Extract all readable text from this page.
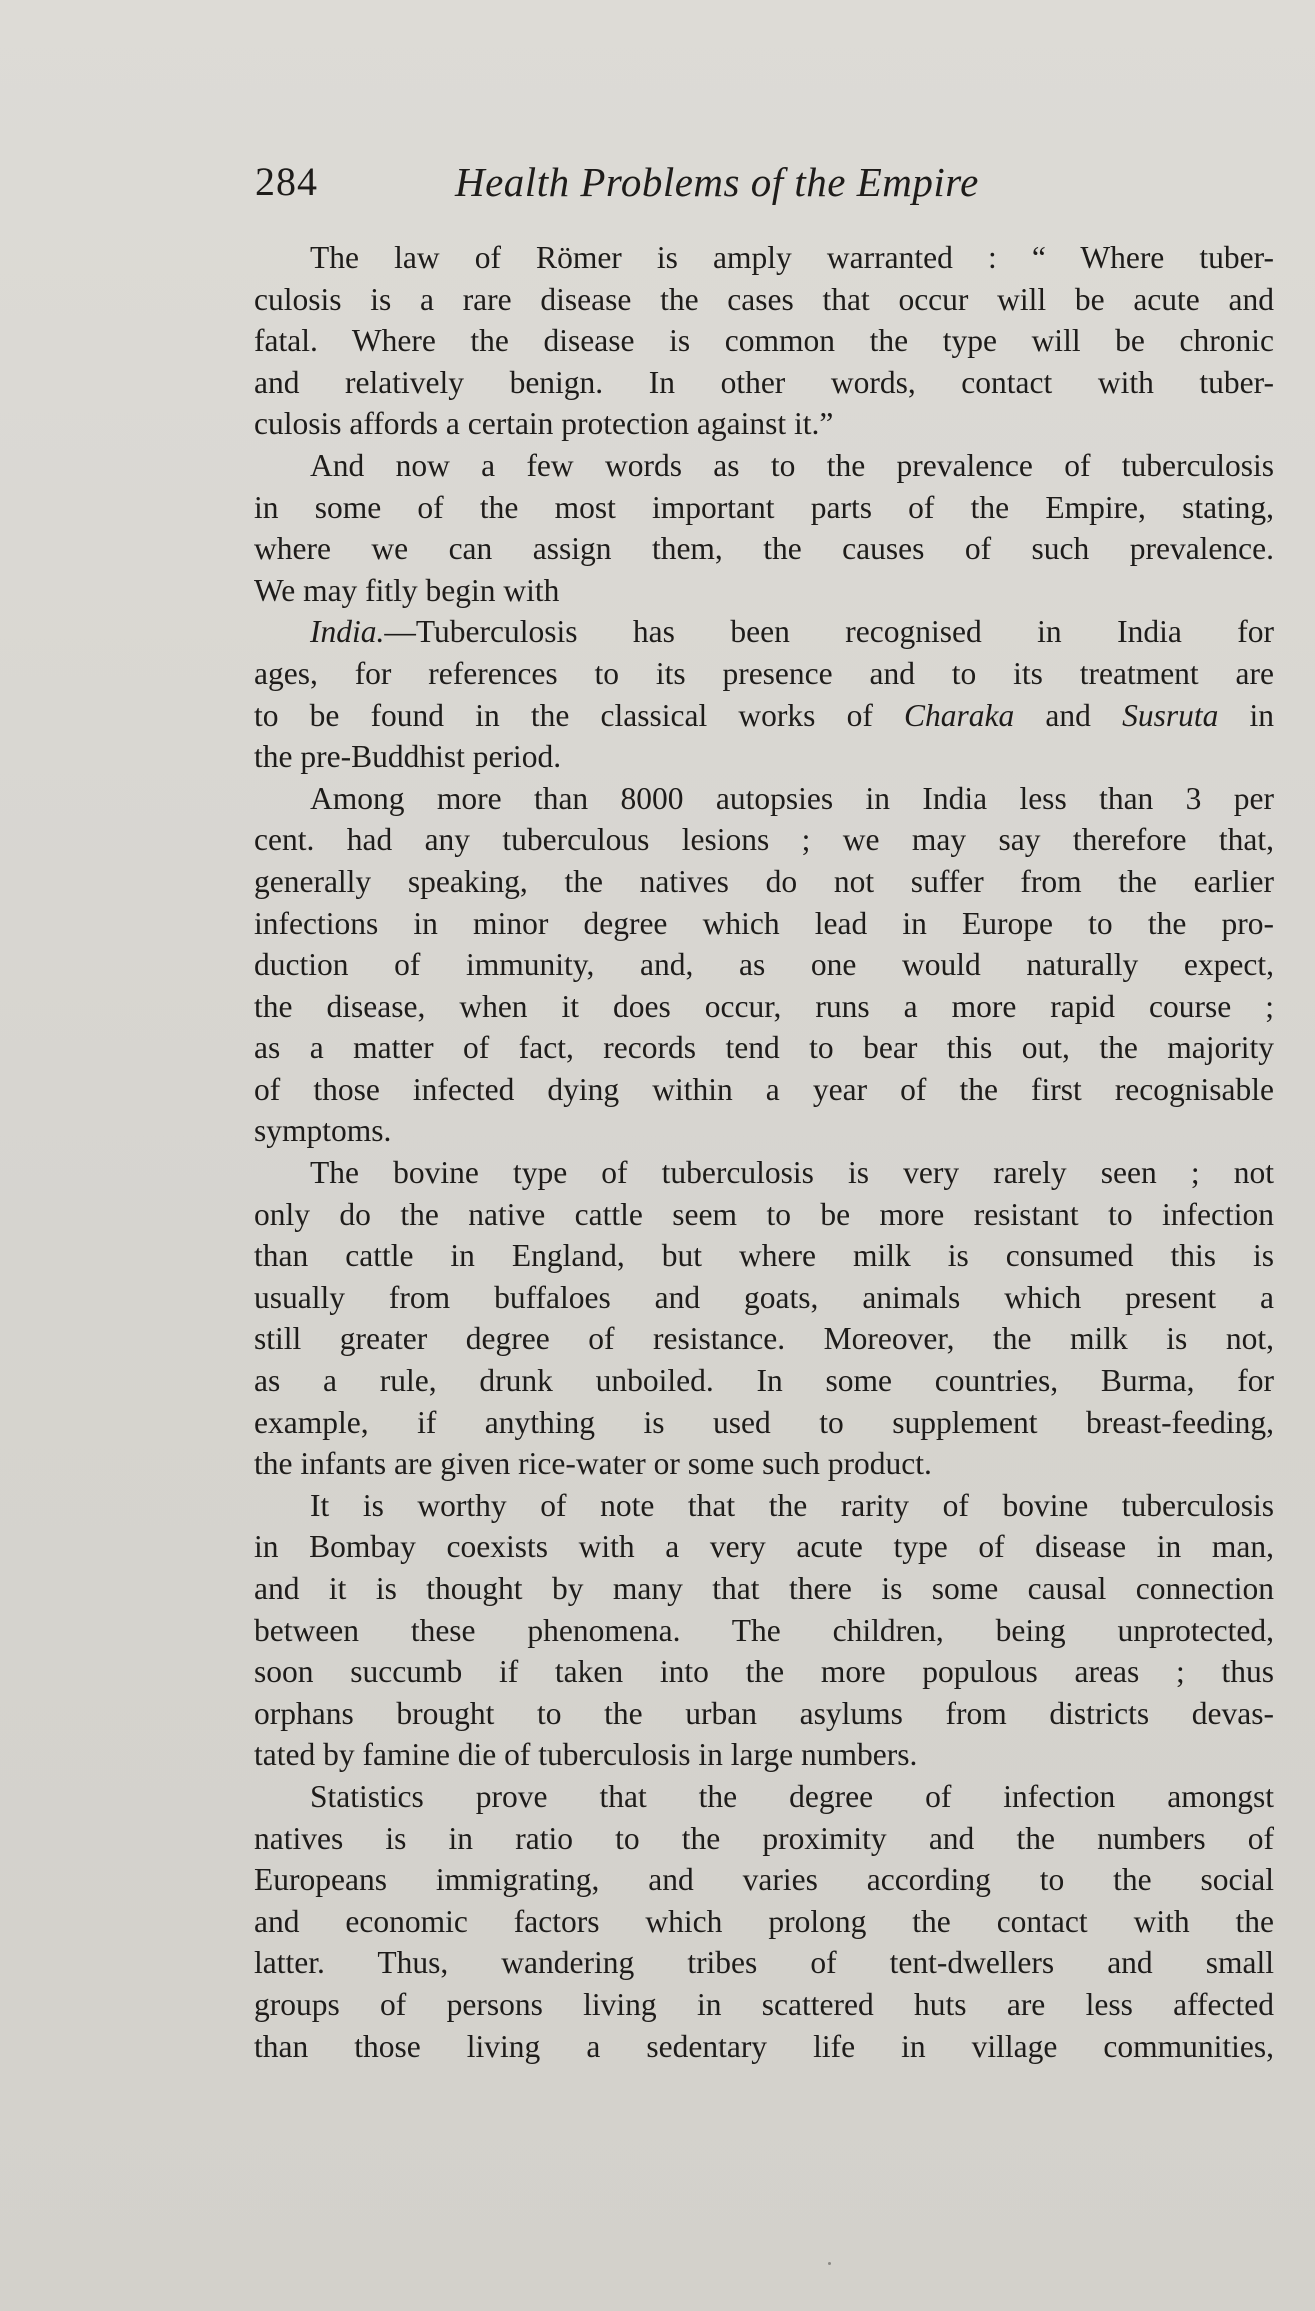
284	Health Problems of the Empire
The law of Römer is amply warranted : “ Where tuber-
culosis is a rare disease the cases that occur will be acute and
fatal. Where the disease is common the type will be chronic
and relatively benign. In other words, contact with tuber-
culosis affords a certain protection against it.”
And now a few words as to the prevalence of tuberculosis
in some of the most important parts of the Empire, stating,
where we can assign them, the causes of such prevalence.
We may fitly begin with
India.—Tuberculosis has been recognised in India for
ages, for references to its presence and to its treatment are
to be found in the classical works of Charaka and Susruta in
the pre-Buddhist period.
Among more than 8000 autopsies in India less than 3 per
cent. had any tuberculous lesions ; we may say therefore that,
generally speaking, the natives do not suffer from the earlier
infections in minor degree which lead in Europe to the pro-
duction of immunity, and, as one would naturally expect,
the disease, when it does occur, runs a more rapid course ;
as a matter of fact, records tend to bear this out, the majority
of those infected dying within a year of the first recognisable
symptoms.
The bovine type of tuberculosis is very rarely seen ; not
only do the native cattle seem to be more resistant to infection
than cattle in England, but where milk is consumed this is
usually from buffaloes and goats, animals which present a
still greater degree of resistance. Moreover, the milk is not,
as a rule, drunk unboiled. In some countries, Burma, for
example, if anything is used to supplement breast-feeding,
the infants are given rice-water or some such product.
It is worthy of note that the rarity of bovine tuberculosis
in Bombay coexists with a very acute type of disease in man,
and it is thought by many that there is some causal connection
between these phenomena. The children, being unprotected,
soon succumb if taken into the more populous areas ; thus
orphans brought to the urban asylums from districts devas-
tated by famine die of tuberculosis in large numbers.
Statistics prove that the degree of infection amongst
natives is in ratio to the proximity and the numbers of
Europeans immigrating, and varies according to the social
and economic factors which prolong the contact with the
latter. Thus, wandering tribes of tent-dwellers and small
groups of persons living in scattered huts are less affected
than those living a sedentary life in village communities,
